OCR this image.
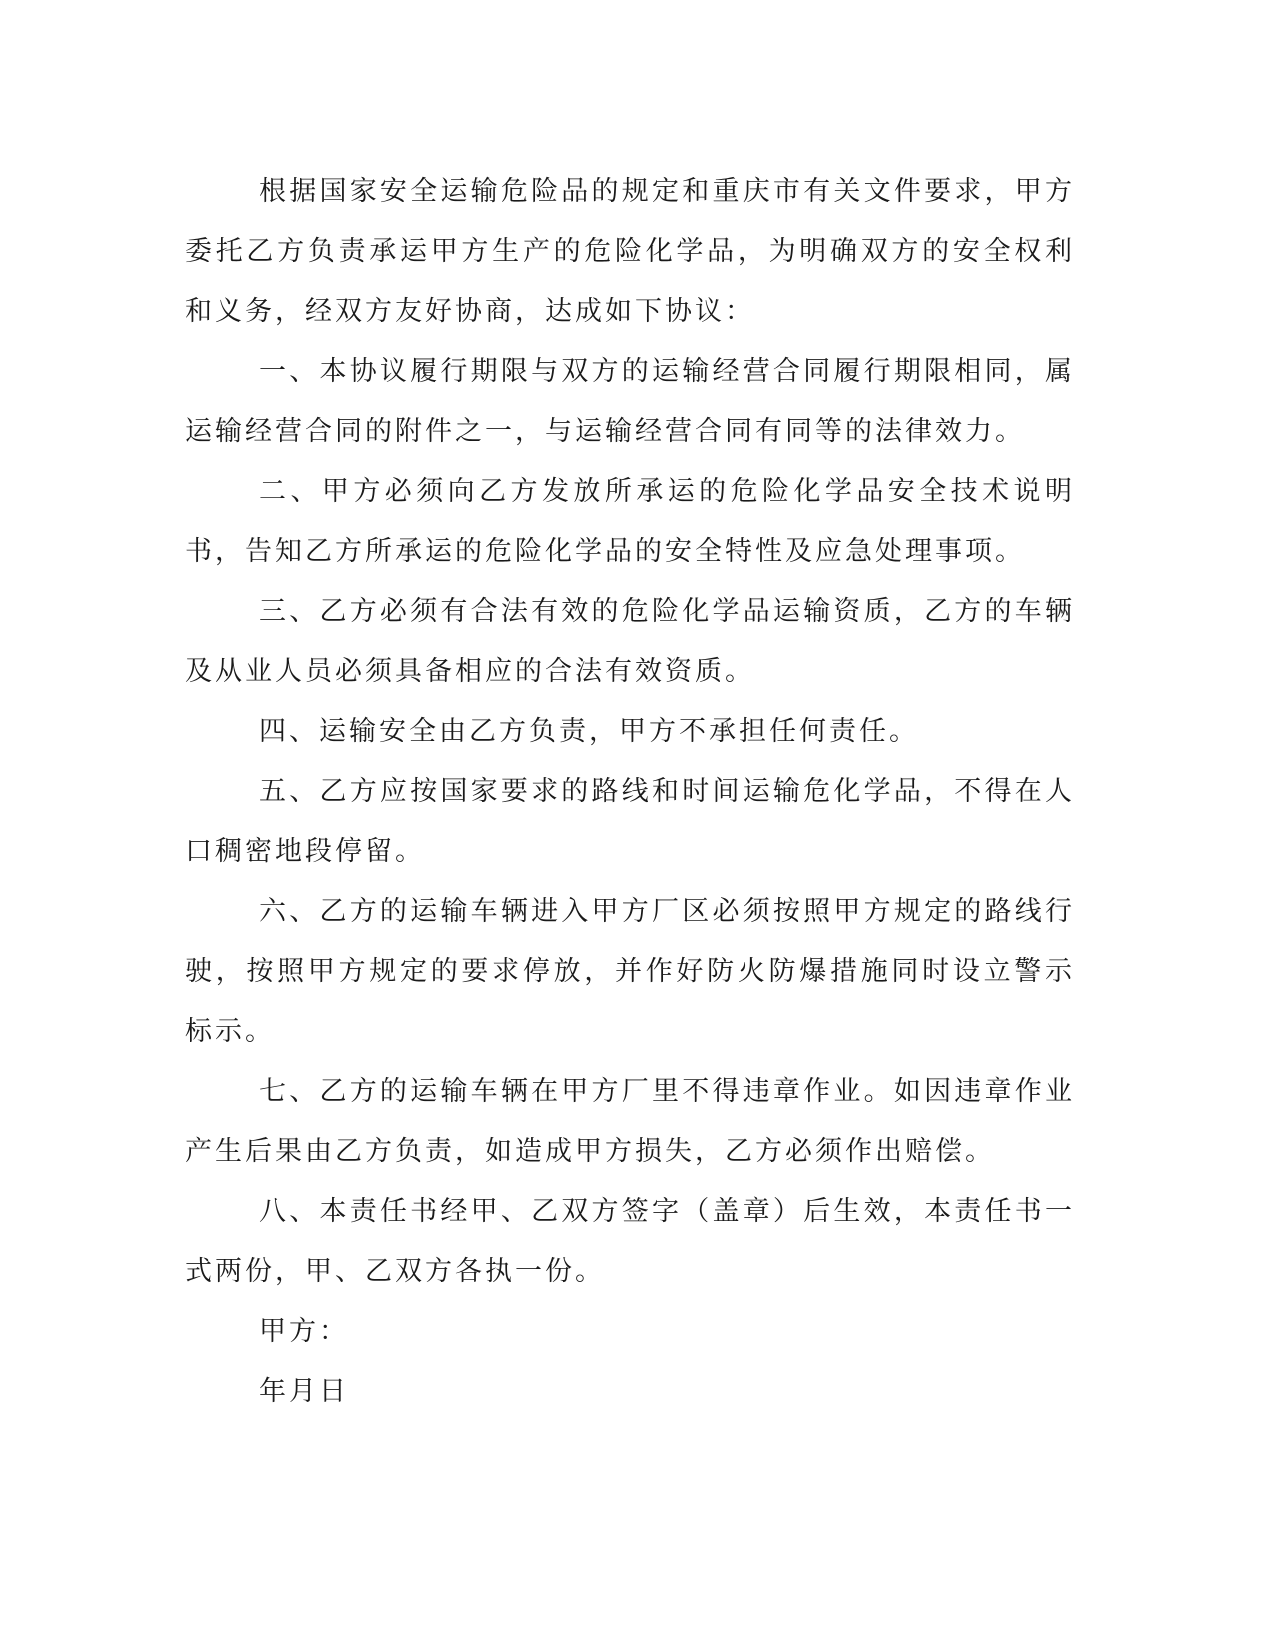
根据国家安全运输危险品的规定和重庆市有关文件要求，甲方委托乙方负责承运甲方生产的危险化学品，为明确双方的安全权利和义务，经双方友好协商，达成如下协议：

一、本协议履行期限与双方的运输经营合同履行期限相同，属运输经营合同的附件之一，与运输经营合同有同等的法律效力。

二、甲方必须向乙方发放所承运的危险化学品安全技术说明书，告知乙方所承运的危险化学品的安全特性及应急处理事项。

三、乙方必须有合法有效的危险化学品运输资质，乙方的车辆及从业人员必须具备相应的合法有效资质。

四、运输安全由乙方负责，甲方不承担任何责任。

五、乙方应按国家要求的路线和时间运输危化学品，不得在人口稠密地段停留。

六、乙方的运输车辆进入甲方厂区必须按照甲方规定的路线行驶，按照甲方规定的要求停放，并作好防火防爆措施同时设立警示标示。

七、乙方的运输车辆在甲方厂里不得违章作业。如因违章作业产生后果由乙方负责，如造成甲方损失，乙方必须作出赔偿。

八、本责任书经甲、乙双方签字（盖章）后生效，本责任书一式两份，甲、乙双方各执一份。

甲方：

年月日
